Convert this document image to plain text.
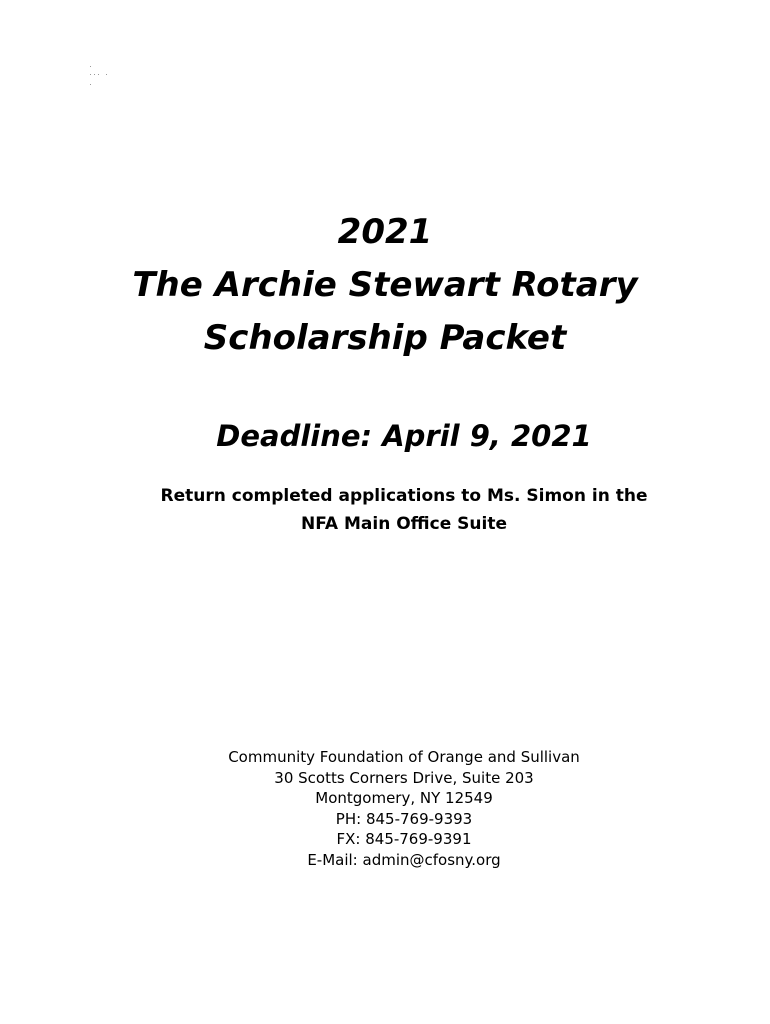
2021
The Archie Stewart Rotary
Scholarship Packet
Deadline: April 9, 2021
Return completed applications to Ms. Simon in the
NFA Main Office Suite
Community Foundation of Orange and Sullivan
30 Scotts Corners Drive, Suite 203
Montgomery, NY 12549
PH: 845-769-9393
FX: 845-769-9391
E-Mail: admin@cfosny.org
